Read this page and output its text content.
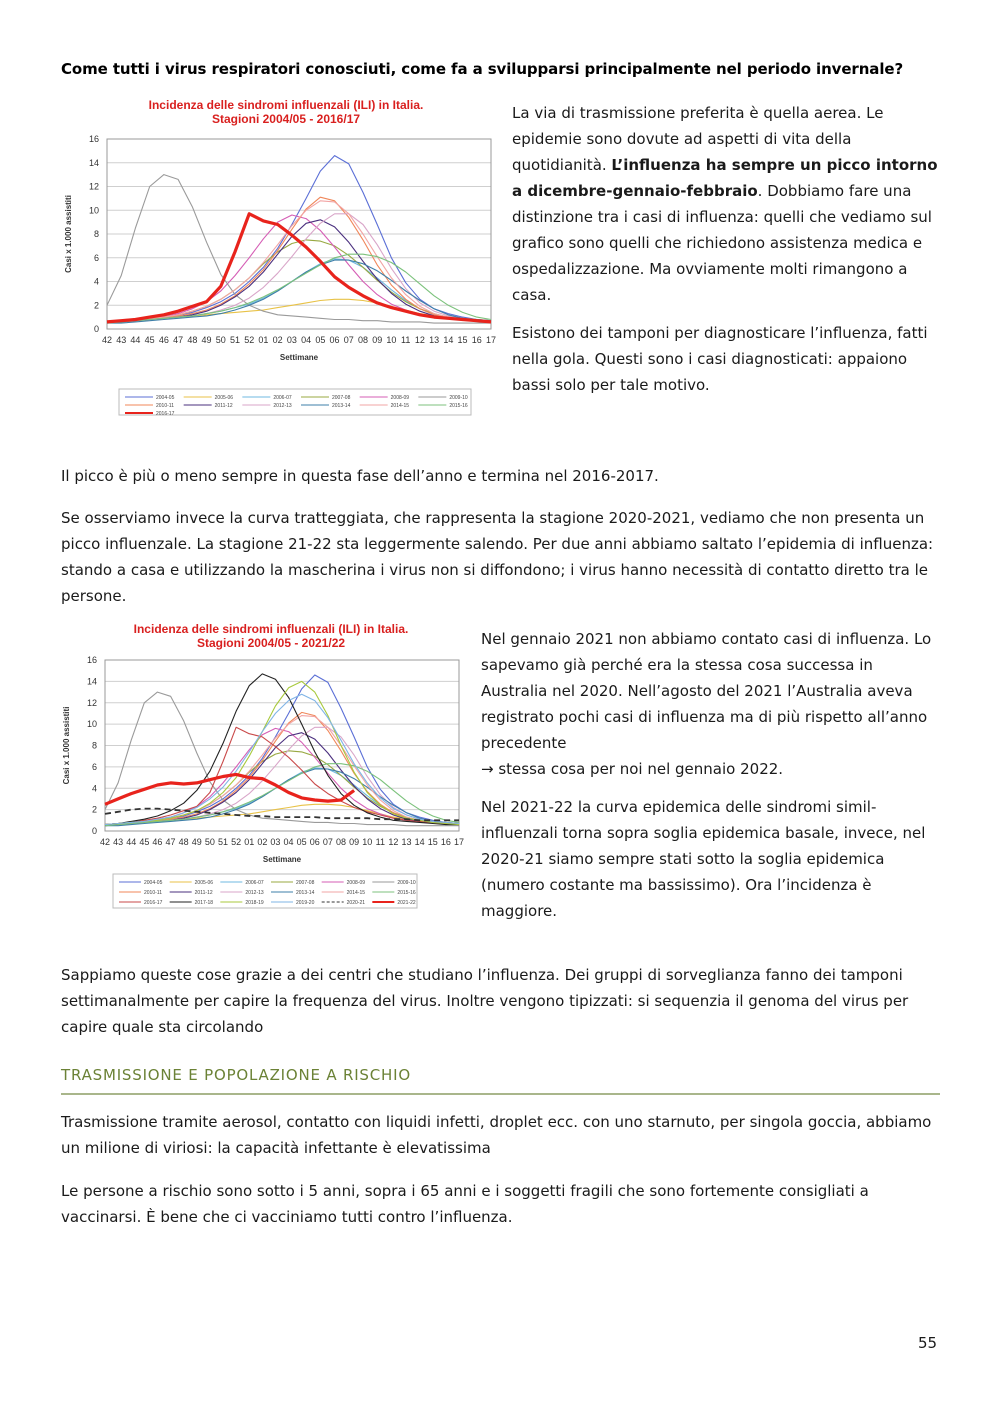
Come tutti i virus respiratori conosciuti, come fa a svilupparsi principalmente nel periodo invernale?

Incidenza delle sindromi influenzali (ILI) in Italia.
Stagioni 2004/05 - 2016/17
0
2
4
6
8
10
12
14
16
42 43 44 45 46 47 48 49 50 51 52 01 02 03 04 05 06 07 08 09 10 11 12 13 14 15 16 17
Settimane
Casi x 1.000 assistiti
2004-05	2005-06	2006-07	2007-08	2008-09	2009-10
2010-11	2011-12	2012-13	2013-14	2014-15	2015-16
2016-17

La via di trasmissione preferita è quella aerea. Le epidemie sono dovute ad aspetti di vita della quotidianità. L’influenza ha sempre un picco intorno a dicembre-gennaio-febbraio. Dobbiamo fare una distinzione tra i casi di influenza: quelli che vediamo sul grafico sono quelli che richiedono assistenza medica e ospedalizzazione. Ma ovviamente molti rimangono a casa.

Esistono dei tamponi per diagnosticare l’influenza, fatti nella gola. Questi sono i casi diagnosticati: appaiono bassi solo per tale motivo.

Il picco è più o meno sempre in questa fase dell’anno e termina nel 2016-2017.

Se osserviamo invece la curva tratteggiata, che rappresenta la stagione 2020-2021, vediamo che non presenta un picco influenzale. La stagione 21-22 sta leggermente salendo. Per due anni abbiamo saltato l’epidemia di influenza: stando a casa e utilizzando la mascherina i virus non si diffondono; i virus hanno necessità di contatto diretto tra le persone.

Incidenza delle sindromi influenzali (ILI) in Italia.
Stagioni 2004/05 - 2021/22
0
2
4
6
8
10
12
14
16
42 43 44 45 46 47 48 49 50 51 52 01 02 03 04 05 06 07 08 09 10 11 12 13 14 15 16 17
Settimane
Casi x 1.000 assistiti
2004-05	2005-06	2006-07	2007-08	2008-09	2009-10
2010-11	2011-12	2012-13	2013-14	2014-15	2015-16
2016-17	2017-18	2018-19	2019-20	2020-21	2021-22

Nel gennaio 2021 non abbiamo contato casi di influenza. Lo sapevamo già perché era la stessa cosa successa in Australia nel 2020. Nell’agosto del 2021 l’Australia aveva registrato pochi casi di influenza ma di più rispetto all’anno precedente
→ stessa cosa per noi nel gennaio 2022.

Nel 2021-22 la curva epidemica delle sindromi simil-influenzali torna sopra soglia epidemica basale, invece, nel 2020-21 siamo sempre stati sotto la soglia epidemica (numero costante ma bassissimo). Ora l’incidenza è maggiore.

Sappiamo queste cose grazie a dei centri che studiano l’influenza. Dei gruppi di sorveglianza fanno dei tamponi settimanalmente per capire la frequenza del virus. Inoltre vengono tipizzati: si sequenzia il genoma del virus per capire quale sta circolando

TRASMISSIONE E POPOLAZIONE A RISCHIO

Trasmissione tramite aerosol, contatto con liquidi infetti, droplet ecc. con uno starnuto, per singola goccia, abbiamo un milione di viriosi: la capacità infettante è elevatissima

Le persone a rischio sono sotto i 5 anni, sopra i 65 anni e i soggetti fragili che sono fortemente consigliati a vaccinarsi. È bene che ci vacciniamo tutti contro l’influenza.

55
